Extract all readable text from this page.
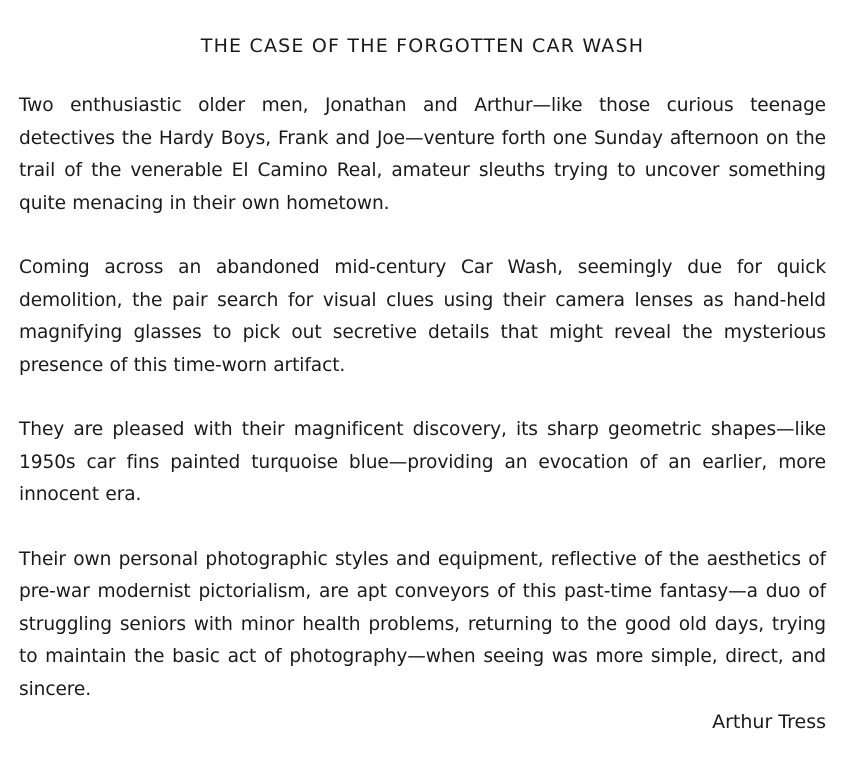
THE CASE OF THE FORGOTTEN CAR WASH

Two enthusiastic older men, Jonathan and Arthur—like those curious teenage detectives the Hardy Boys, Frank and Joe—venture forth one Sunday afternoon on the trail of the venerable El Camino Real, amateur sleuths trying to uncover something quite menacing in their own hometown.

Coming across an abandoned mid-century Car Wash, seemingly due for quick demolition, the pair search for visual clues using their camera lenses as hand-held magnifying glasses to pick out secretive details that might reveal the mysterious presence of this time-worn artifact.

They are pleased with their magnificent discovery, its sharp geometric shapes—like 1950s car fins painted turquoise blue—providing an evocation of an earlier, more innocent era.

Their own personal photographic styles and equipment, reflective of the aesthetics of pre-war modernist pictorialism, are apt conveyors of this past-time fantasy—a duo of struggling seniors with minor health problems, returning to the good old days, trying to maintain the basic act of photography—when seeing was more simple, direct, and sincere.

Arthur Tress
